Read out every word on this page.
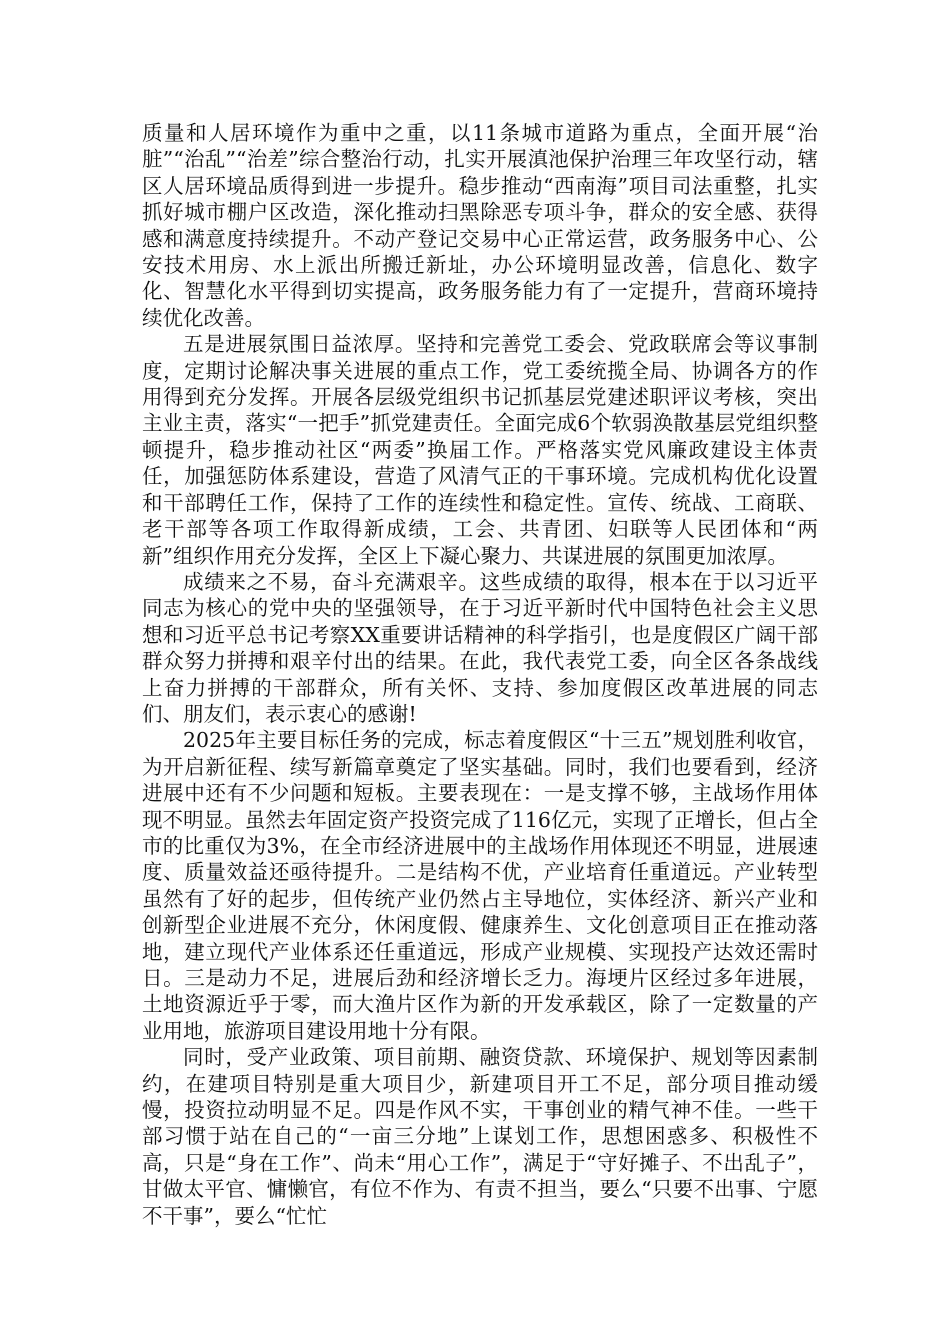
质量和人居环境作为重中之重，以11条城市道路为重点，全面开展“治脏”“治乱”“治差”综合整治行动，扎实开展滇池保护治理三年攻坚行动，辖区人居环境品质得到进一步提升。稳步推动“西南海”项目司法重整，扎实抓好城市棚户区改造，深化推动扫黑除恶专项斗争，群众的安全感、获得感和满意度持续提升。不动产登记交易中心正常运营，政务服务中心、公安技术用房、水上派出所搬迁新址，办公环境明显改善，信息化、数字化、智慧化水平得到切实提高，政务服务能力有了一定提升，营商环境持续优化改善。

五是进展氛围日益浓厚。坚持和完善党工委会、党政联席会等议事制度，定期讨论解决事关进展的重点工作，党工委统揽全局、协调各方的作用得到充分发挥。开展各层级党组织书记抓基层党建述职评议考核，突出主业主责，落实“一把手”抓党建责任。全面完成6个软弱涣散基层党组织整顿提升，稳步推动社区“两委”换届工作。严格落实党风廉政建设主体责任，加强惩防体系建设，营造了风清气正的干事环境。完成机构优化设置和干部聘任工作，保持了工作的连续性和稳定性。宣传、统战、工商联、老干部等各项工作取得新成绩，工会、共青团、妇联等人民团体和“两新”组织作用充分发挥，全区上下凝心聚力、共谋进展的氛围更加浓厚。

成绩来之不易，奋斗充满艰辛。这些成绩的取得，根本在于以习近平同志为核心的党中央的坚强领导，在于习近平新时代中国特色社会主义思想和习近平总书记考察XX重要讲话精神的科学指引，也是度假区广阔干部群众努力拼搏和艰辛付出的结果。在此，我代表党工委，向全区各条战线上奋力拼搏的干部群众，所有关怀、支持、参加度假区改革进展的同志们、朋友们，表示衷心的感谢!

2025年主要目标任务的完成，标志着度假区“十三五”规划胜利收官，为开启新征程、续写新篇章奠定了坚实基础。同时，我们也要看到，经济进展中还有不少问题和短板。主要表现在：一是支撑不够，主战场作用体现不明显。虽然去年固定资产投资完成了116亿元，实现了正增长，但占全市的比重仅为3%，在全市经济进展中的主战场作用体现还不明显，进展速度、质量效益还亟待提升。二是结构不优，产业培育任重道远。产业转型虽然有了好的起步，但传统产业仍然占主导地位，实体经济、新兴产业和创新型企业进展不充分，休闲度假、健康养生、文化创意项目正在推动落地，建立现代产业体系还任重道远，形成产业规模、实现投产达效还需时日。三是动力不足，进展后劲和经济增长乏力。海埂片区经过多年进展，土地资源近乎于零，而大渔片区作为新的开发承载区，除了一定数量的产业用地，旅游项目建设用地十分有限。

同时，受产业政策、项目前期、融资贷款、环境保护、规划等因素制约，在建项目特别是重大项目少，新建项目开工不足，部分项目推动缓慢，投资拉动明显不足。四是作风不实，干事创业的精气神不佳。一些干部习惯于站在自己的“一亩三分地”上谋划工作，思想困惑多、积极性不高，只是“身在工作”、尚未“用心工作”，满足于“守好摊子、不出乱子”，甘做太平官、慵懒官，有位不作为、有责不担当，要么“只要不出事、宁愿不干事”，要么“忙忙
